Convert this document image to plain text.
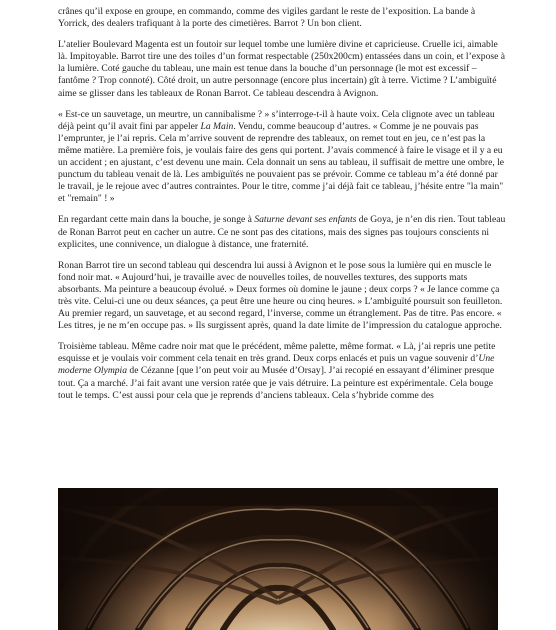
crânes qu’il expose en groupe, en commando, comme des vigiles gardant le reste de l’exposition. La bande à Yorrick, des dealers trafiquant à la porte des cimetières. Barrot ? Un bon client.

L’atelier Boulevard Magenta est un foutoir sur lequel tombe une lumière divine et capricieuse. Cruelle ici, aimable là. Impitoyable. Barrot tire une des toiles d’un format respectable (250x200cm) entassées dans un coin, et l’expose à la lumière. Coté gauche du tableau, une main est tenue dans la bouche d’un personnage (le mot est excessif – fantôme ? Trop connoté). Côté droit, un autre personnage (encore plus incertain) gît à terre. Victime ? L’ambiguïté aime se glisser dans les tableaux de Ronan Barrot. Ce tableau descendra à Avignon.

« Est-ce un sauvetage, un meurtre, un cannibalisme ? » s’interroge-t-il à haute voix. Cela clignote avec un tableau déjà peint qu’il avait fini par appeler La Main. Vendu, comme beaucoup d’autres. « Comme je ne pouvais pas l’emprunter, je l’ai repris. Cela m’arrive souvent de reprendre des tableaux, on remet tout en jeu, ce n’est pas la même matière. La première fois, je voulais faire des gens qui portent. J’avais commencé à faire le visage et il y a eu un accident ; en ajustant, c’est devenu une main. Cela donnait un sens au tableau, il suffisait de mettre une ombre, le punctum du tableau venait de là. Les ambiguïtés ne pouvaient pas se prévoir. Comme ce tableau m’a été donné par le travail, je le rejoue avec d’autres contraintes. Pour le titre, comme j’ai déjà fait ce tableau, j’hésite entre "la main" et "remain" ! »

En regardant cette main dans la bouche, je songe à Saturne devant ses enfants de Goya, je n’en dis rien. Tout tableau de Ronan Barrot peut en cacher un autre. Ce ne sont pas des citations, mais des signes pas toujours conscients ni explicites, une connivence, un dialogue à distance, une fraternité.

Ronan Barrot tire un second tableau qui descendra lui aussi à Avignon et le pose sous la lumière qui en muscle le fond noir mat. « Aujourd’hui, je travaille avec de nouvelles toiles, de nouvelles textures, des supports mats absorbants. Ma peinture a beaucoup évolué. » Deux formes où domine le jaune ; deux corps ? « Je lance comme ça très vite. Celui-ci une ou deux séances, ça peut être une heure ou cinq heures. » L’ambiguïté poursuit son feuilleton. Au premier regard, un sauvetage, et au second regard, l’inverse, comme un étranglement. Pas de titre. Pas encore. « Les titres, je ne m’en occupe pas. » Ils surgissent après, quand la date limite de l’impression du catalogue approche.

Troisième tableau. Même cadre noir mat que le précédent, même palette, même format. « Là, j’ai repris une petite esquisse et je voulais voir comment cela tenait en très grand. Deux corps enlacés et puis un vague souvenir d’Une moderne Olympia de Cézanne [que l’on peut voir au Musée d’Orsay]. J’ai recopié en essayant d’éliminer presque tout. Ça a marché. J’ai fait avant une version ratée que je vais détruire. La peinture est expérimentale. Cela bouge tout le temps. C’est aussi pour cela que je reprends d’anciens tableaux. Cela s’hybride comme des
